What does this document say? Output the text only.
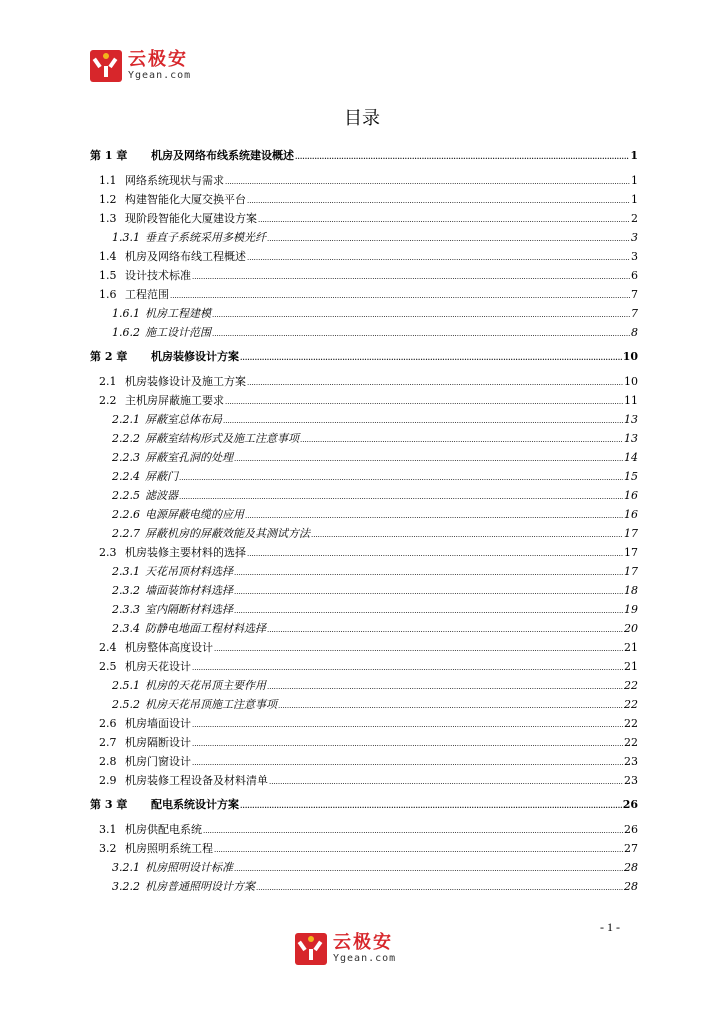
云极安
Ygean.com
目录
第 1 章	机房及网络布线系统建设概述 .....	1
1.1 网络系统现状与需求 .....	1
1.2 构建智能化大厦交换平台 .....	1
1.3 现阶段智能化大厦建设方案 .....	2
1.3.1 垂直子系统采用多模光纤 .....	3
1.4 机房及网络布线工程概述 .....	3
1.5 设计技术标准 .....	6
1.6 工程范围 .....	7
1.6.1 机房工程建模 .....	7
1.6.2 施工设计范围 .....	8
第 2 章	机房装修设计方案 .....	10
2.1 机房装修设计及施工方案 .....	10
2.2 主机房屏蔽施工要求 .....	11
2.2.1 屏蔽室总体布局 .....	13
2.2.2 屏蔽室结构形式及施工注意事项 .....	13
2.2.3 屏蔽室孔洞的处理 .....	14
2.2.4 屏蔽门 .....	15
2.2.5 滤波器 .....	16
2.2.6 电源屏蔽电缆的应用 .....	16
2.2.7 屏蔽机房的屏蔽效能及其测试方法 .....	17
2.3 机房装修主要材料的选择 .....	17
2.3.1 天花吊顶材料选择 .....	17
2.3.2 墙面装饰材料选择 .....	18
2.3.3 室内隔断材料选择 .....	19
2.3.4 防静电地面工程材料选择 .....	20
2.4 机房整体高度设计 .....	21
2.5 机房天花设计 .....	21
2.5.1 机房的天花吊顶主要作用 .....	22
2.5.2 机房天花吊顶施工注意事项 .....	22
2.6 机房墙面设计 .....	22
2.7 机房隔断设计 .....	22
2.8 机房门窗设计 .....	23
2.9 机房装修工程设备及材料清单 .....	23
第 3 章	配电系统设计方案 .....	26
3.1 机房供配电系统 .....	26
3.2 机房照明系统工程 .....	27
3.2.1 机房照明设计标准 .....	28
3.2.2 机房普通照明设计方案 .....	28
- 1 -
云极安
Ygean.com
